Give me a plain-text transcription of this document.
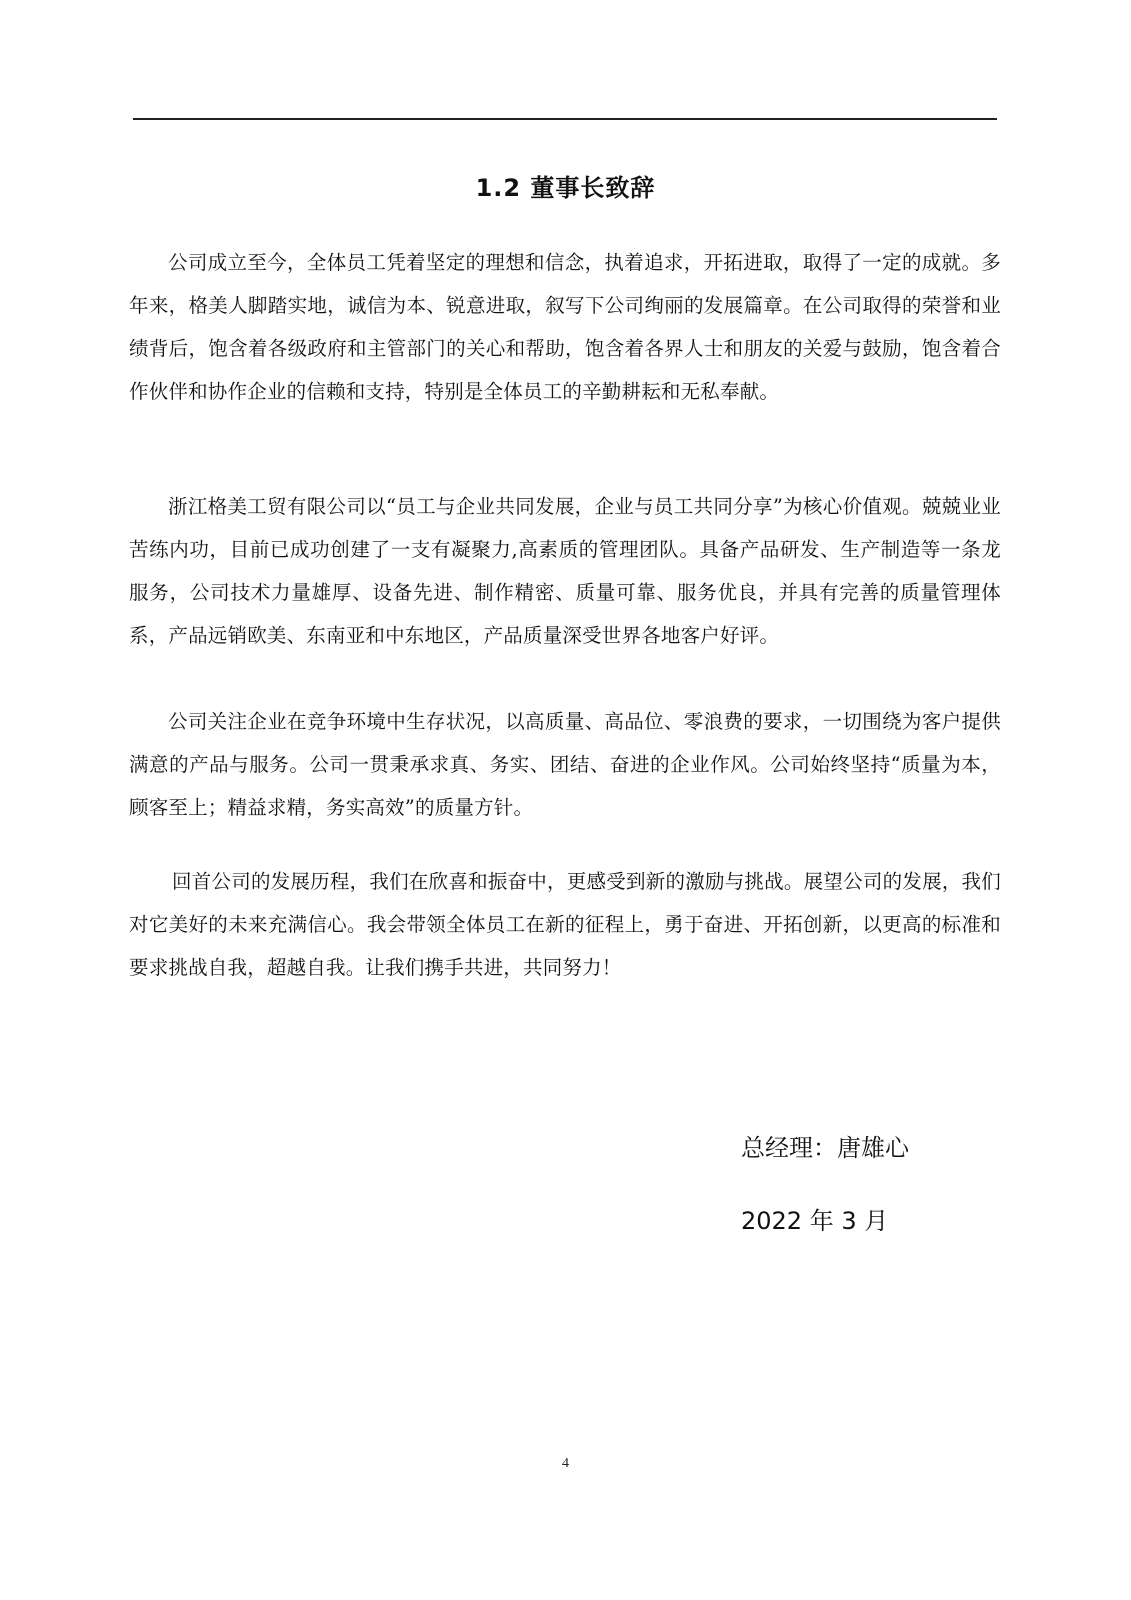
1.2 董事长致辞

公司成立至今，全体员工凭着坚定的理想和信念，执着追求，开拓进取，取得了一定的成就。多年来，格美人脚踏实地，诚信为本、锐意进取，叙写下公司绚丽的发展篇章。在公司取得的荣誉和业绩背后，饱含着各级政府和主管部门的关心和帮助，饱含着各界人士和朋友的关爱与鼓励，饱含着合作伙伴和协作企业的信赖和支持，特别是全体员工的辛勤耕耘和无私奉献。

浙江格美工贸有限公司以“员工与企业共同发展，企业与员工共同分享”为核心价值观。兢兢业业苦练内功，目前已成功创建了一支有凝聚力,高素质的管理团队。具备产品研发、生产制造等一条龙服务，公司技术力量雄厚、设备先进、制作精密、质量可靠、服务优良，并具有完善的质量管理体系，产品远销欧美、东南亚和中东地区，产品质量深受世界各地客户好评。

公司关注企业在竞争环境中生存状况，以高质量、高品位、零浪费的要求，一切围绕为客户提供满意的产品与服务。公司一贯秉承求真、务实、团结、奋进的企业作风。公司始终坚持“质量为本，顾客至上；精益求精，务实高效”的质量方针。

回首公司的发展历程，我们在欣喜和振奋中，更感受到新的激励与挑战。展望公司的发展，我们对它美好的未来充满信心。我会带领全体员工在新的征程上，勇于奋进、开拓创新，以更高的标准和要求挑战自我，超越自我。让我们携手共进，共同努力！

总经理：唐雄心
2022 年 3 月
4
